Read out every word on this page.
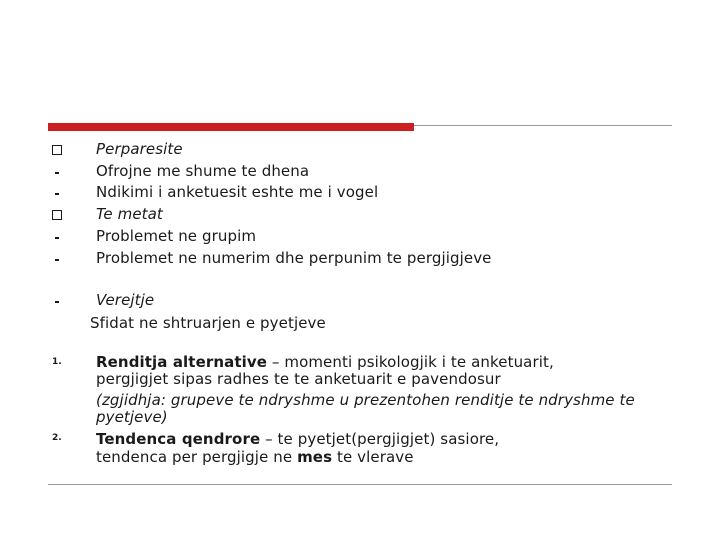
Perparesite
Ofrojne me shume te dhena
Ndikimi i anketuesit eshte me i vogel
Te metat
Problemet ne grupim
Problemet ne numerim dhe perpunim te pergjigjeve
Verejtje
Sfidat ne shtruarjen e pyetjeve
1. Renditja alternative – momenti psikologjik i te anketuarit,
pergjigjet sipas radhes te te anketuarit e pavendosur
(zgjidhja: grupeve te ndryshme u prezentohen renditje te ndryshme te pyetjeve)
2. Tendenca qendrore – te pyetjet(pergjigjet) sasiore,
tendenca per pergjigje ne mes te vlerave
